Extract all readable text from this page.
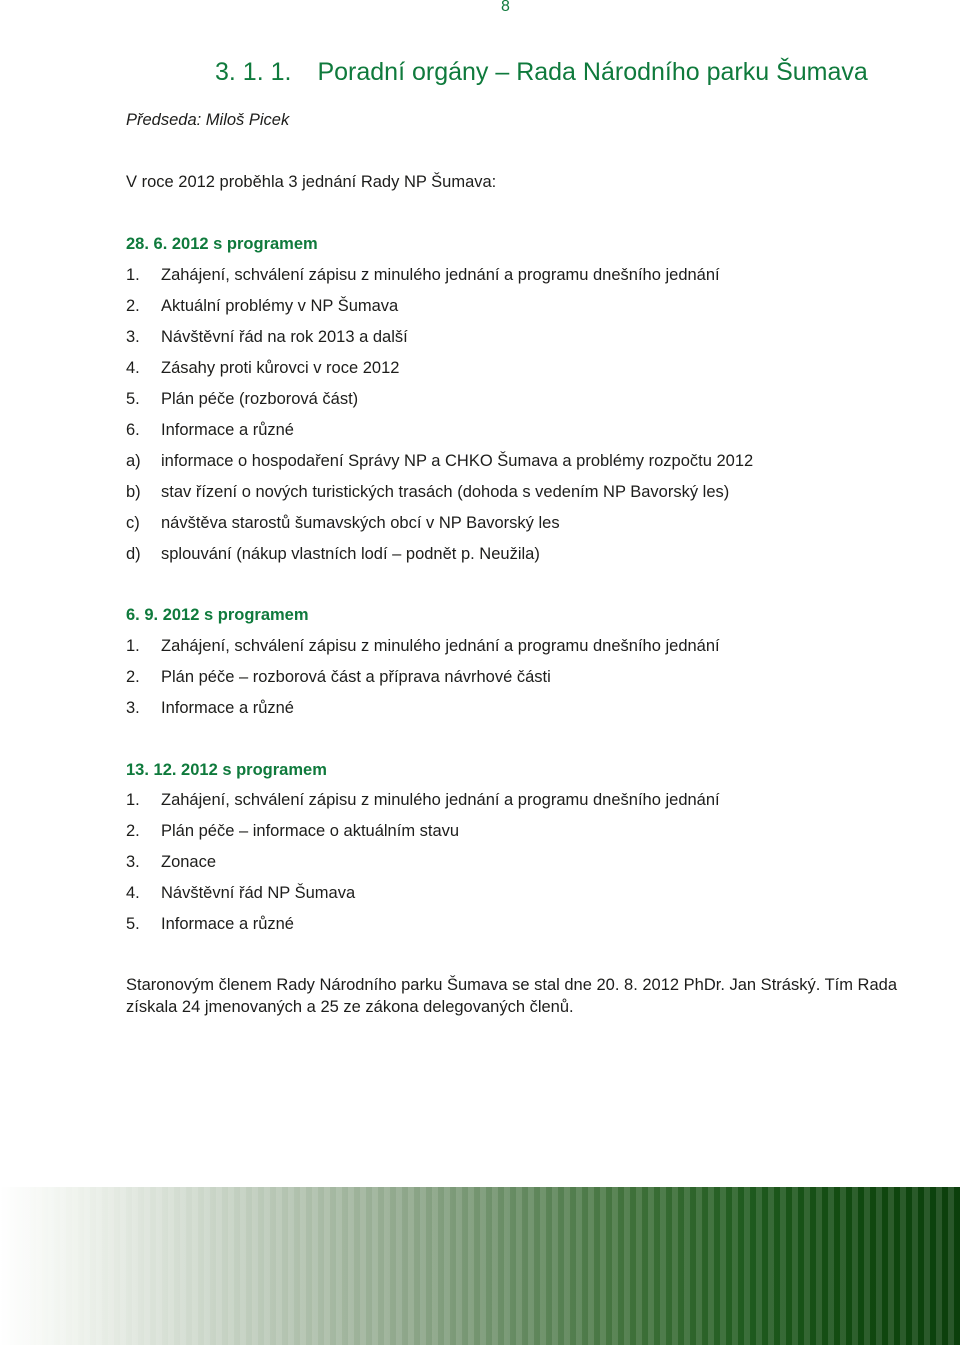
8
3. 1. 1. Poradní orgány – Rada Národního parku Šumava
Předseda: Miloš Picek
V roce 2012 proběhla 3 jednání Rady NP Šumava:
28. 6. 2012 s programem
1. Zahájení, schválení zápisu z minulého jednání a programu dnešního jednání
2. Aktuální problémy v NP Šumava
3. Návštěvní řád na rok 2013 a další
4. Zásahy proti kůrovci v roce 2012
5. Plán péče (rozborová část)
6. Informace a různé
a) informace o hospodaření Správy NP a CHKO Šumava a problémy rozpočtu 2012
b) stav řízení o nových turistických trasách (dohoda s vedením NP Bavorský les)
c) návštěva starostů šumavských obcí v NP Bavorský les
d) splouvání (nákup vlastních lodí – podnět p. Neužila)
6. 9. 2012 s programem
1. Zahájení, schválení zápisu z minulého jednání a programu dnešního jednání
2. Plán péče – rozborová část a příprava návrhové části
3. Informace a různé
13. 12. 2012 s programem
1. Zahájení, schválení zápisu z minulého jednání a programu dnešního jednání
2. Plán péče – informace o aktuálním stavu
3. Zonace
4. Návštěvní řád NP Šumava
5. Informace a různé
Staronovým členem Rady Národního parku Šumava se stal dne 20. 8. 2012 PhDr. Jan Stráský. Tím Rada získala 24 jmenovaných a 25 ze zákona delegovaných členů.
